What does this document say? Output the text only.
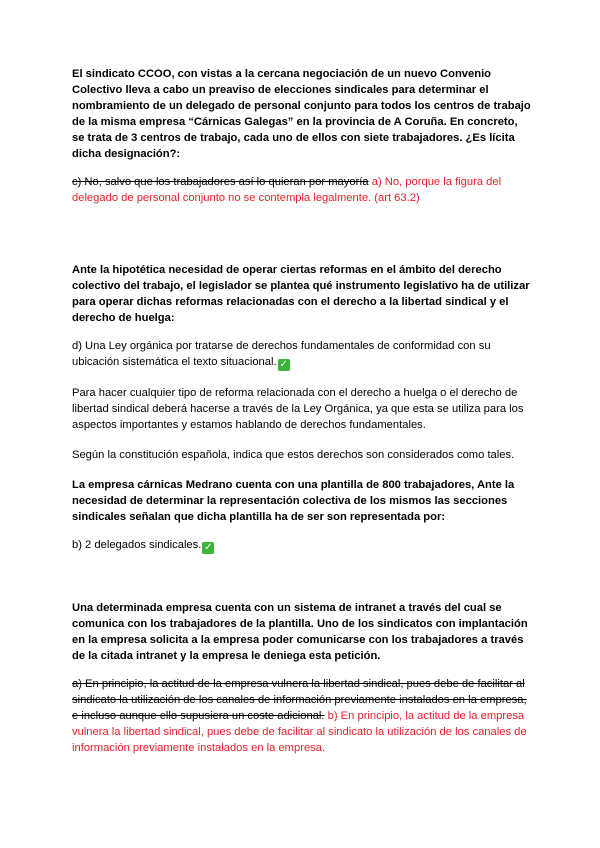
El sindicato CCOO, con vistas a la cercana negociación de un nuevo Convenio Colectivo lleva a cabo un preaviso de elecciones sindicales para determinar el nombramiento de un delegado de personal conjunto para todos los centros de trabajo de la misma empresa “Cárnicas Galegas” en la provincia de A Coruña. En concreto, se trata de 3 centros de trabajo, cada uno de ellos con siete trabajadores. ¿Es lícita dicha designación?:

c) No, salvo que los trabajadores así lo quieran por mayoría a) No, porque la figura del delegado de personal conjunto no se contempla legalmente. (art 63.2)

Ante la hipotética necesidad de operar ciertas reformas en el ámbito del derecho colectivo del trabajo, el legislador se plantea qué instrumento legislativo ha de utilizar para operar dichas reformas relacionadas con el derecho a la libertad sindical y el derecho de huelga:

d) Una Ley orgánica por tratarse de derechos fundamentales de conformidad con su ubicación sistemática el texto situacional. ✓

Para hacer cualquier tipo de reforma relacionada con el derecho a huelga o el derecho de libertad sindical deberá hacerse a través de la Ley Orgánica, ya que esta se utiliza para los aspectos importantes y estamos hablando de derechos fundamentales.

Según la constitución española, indica que estos derechos son considerados como tales.

La empresa cárnicas Medrano cuenta con una plantilla de 800 trabajadores, Ante la necesidad de determinar la representación colectiva de los mismos las secciones sindicales señalan que dicha plantilla ha de ser son representada por:

b) 2 delegados sindicales. ✓

Una determinada empresa cuenta con un sistema de intranet a través del cual se comunica con los trabajadores de la plantilla. Uno de los sindicatos con implantación en la empresa solicita a la empresa poder comunicarse con los trabajadores a través de la citada intranet y la empresa le deniega esta petición.

a) En principio, la actitud de la empresa vulnera la libertad sindical, pues debe de facilitar al sindicato la utilización de los canales de información previamente instalados en la empresa, e incluso aunque ello supusiera un coste adicional. b) En principio, la actitud de la empresa vulnera la libertad sindical, pues debe de facilitar al sindicato la utilización de los canales de información previamente instalados en la empresa.
